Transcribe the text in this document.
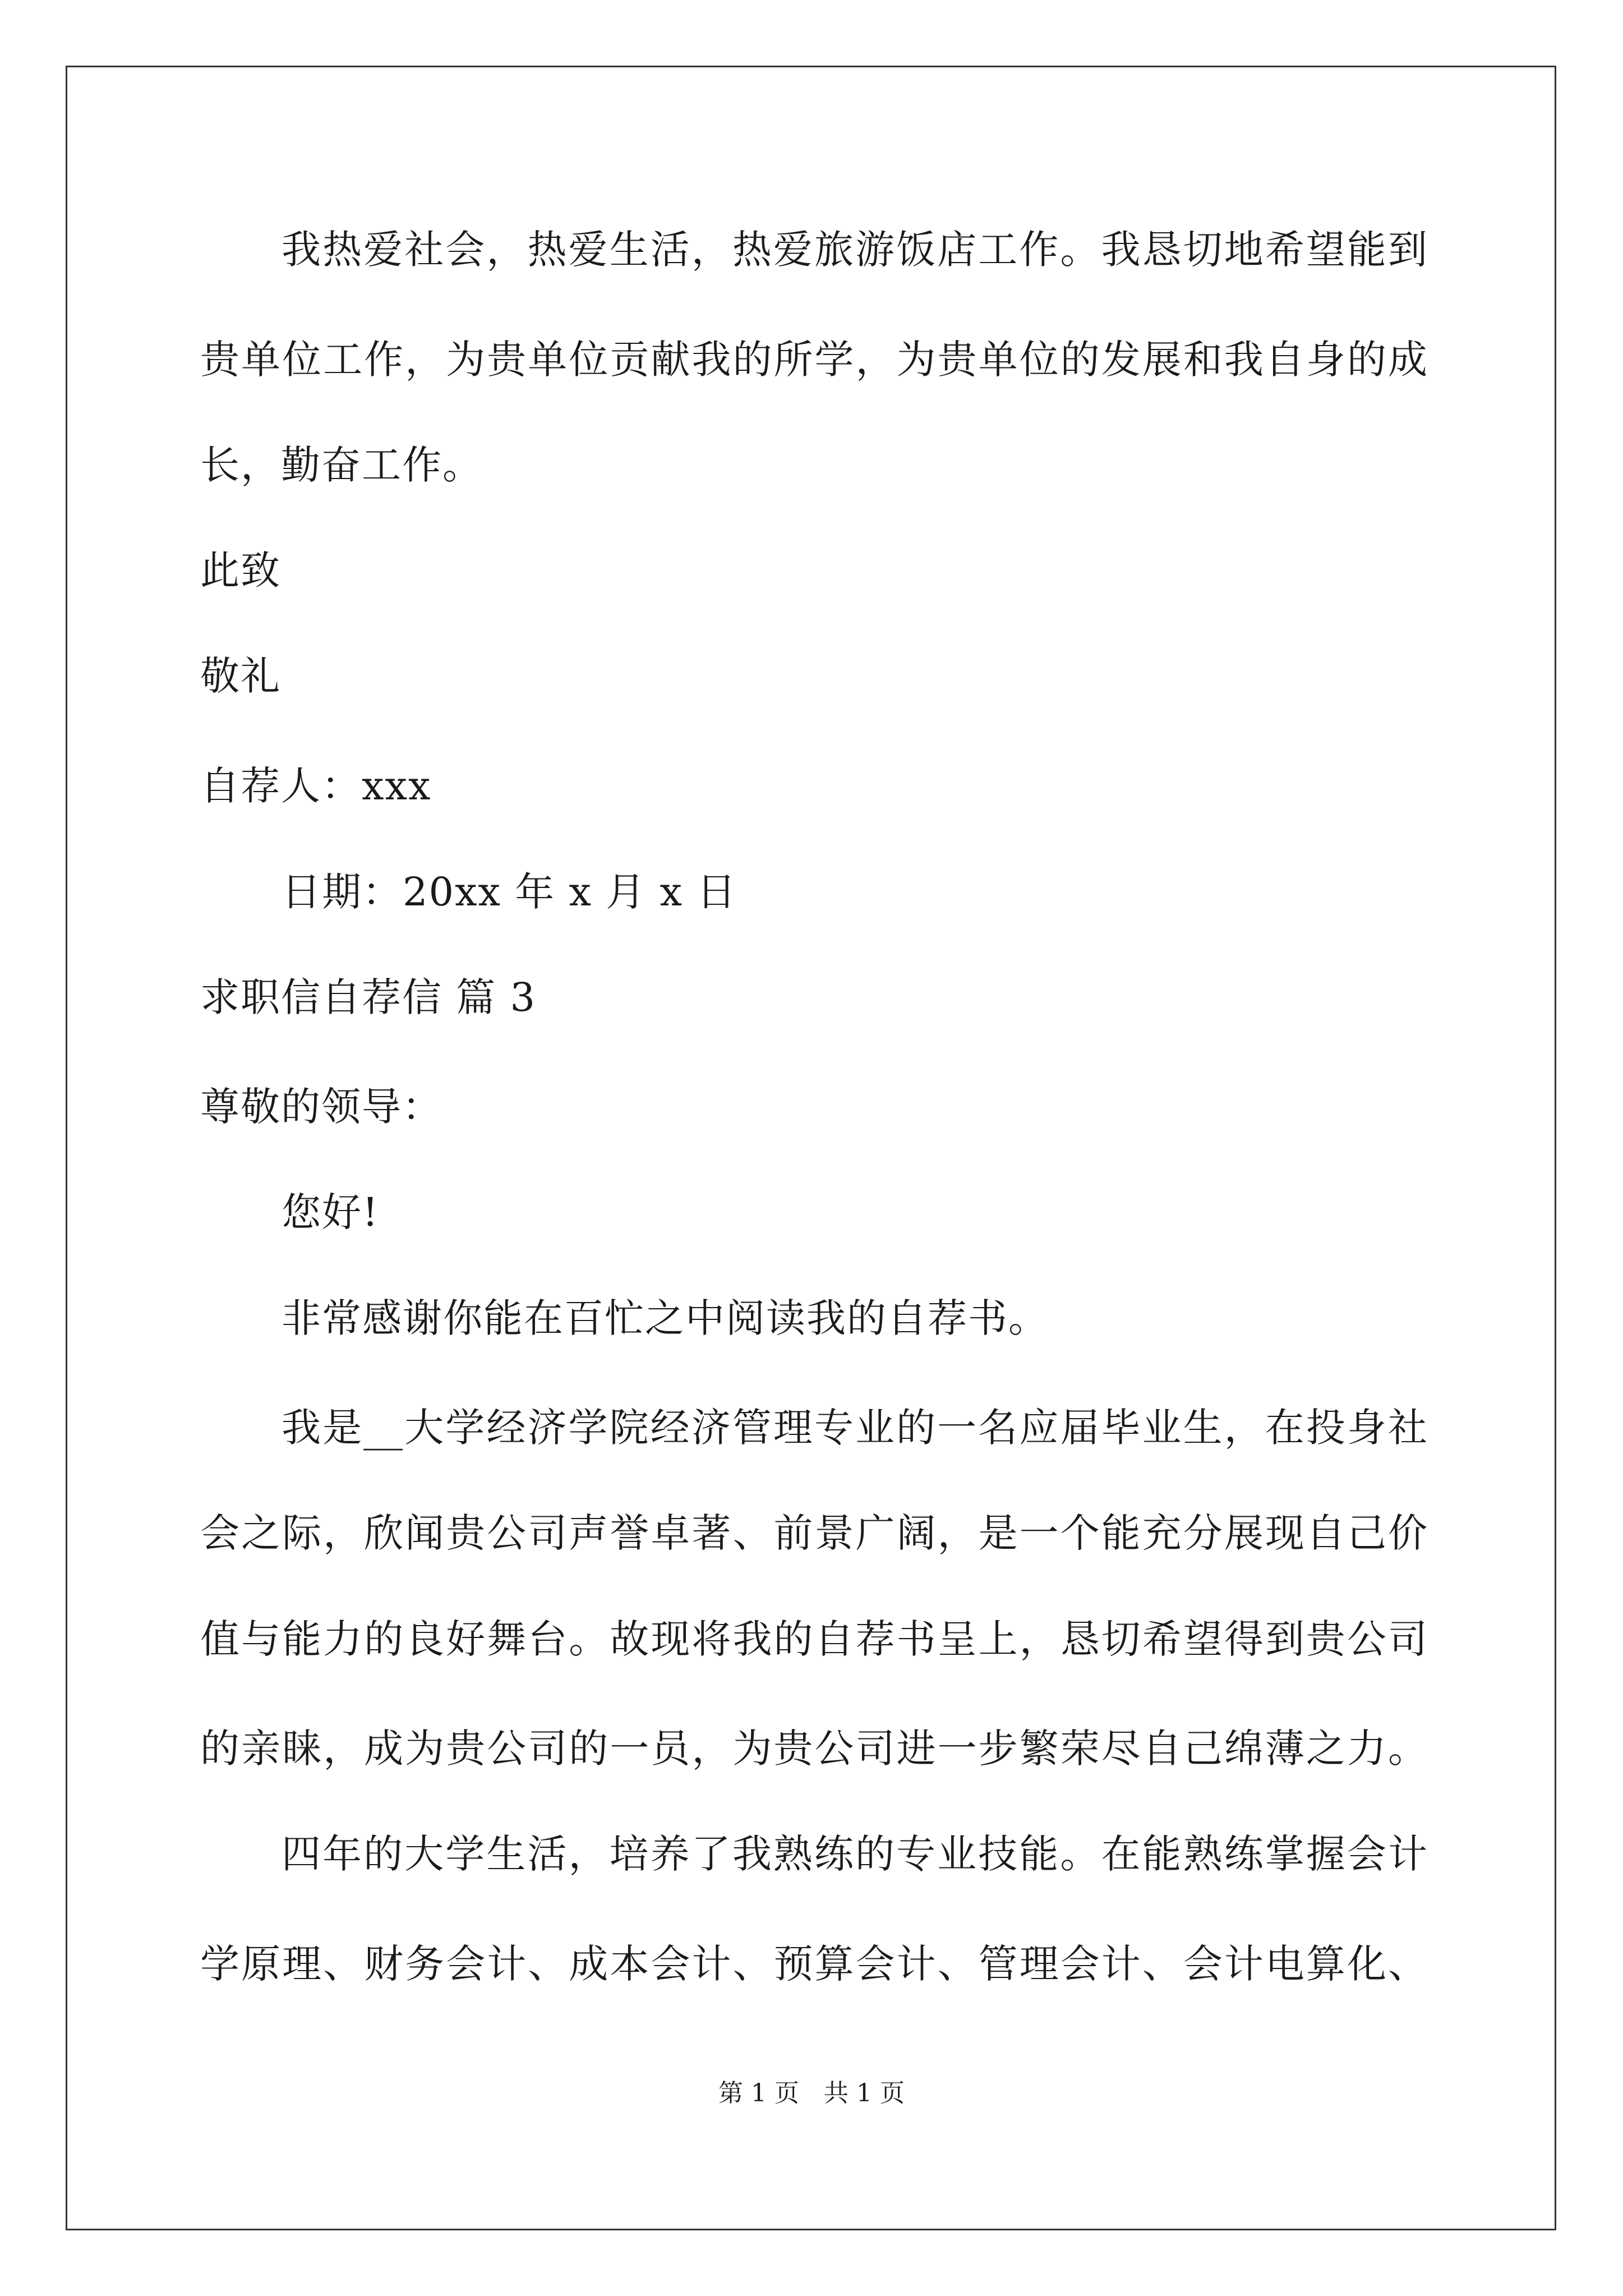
我热爱社会，热爱生活，热爱旅游饭店工作。我恳切地希望能到
贵单位工作，为贵单位贡献我的所学，为贵单位的发展和我自身的成
长，勤奋工作。
此致
敬礼
自荐人：xxx
日期：20xx 年 x 月 x 日
求职信自荐信 篇 3
尊敬的领导：
您好!
非常感谢你能在百忙之中阅读我的自荐书。
我是__大学经济学院经济管理专业的一名应届毕业生，在投身社
会之际，欣闻贵公司声誉卓著、前景广阔，是一个能充分展现自己价
值与能力的良好舞台。故现将我的自荐书呈上，恳切希望得到贵公司
的亲睐，成为贵公司的一员，为贵公司进一步繁荣尽自己绵薄之力。
四年的大学生活，培养了我熟练的专业技能。在能熟练掌握会计
学原理、财务会计、成本会计、预算会计、管理会计、会计电算化、
第 1 页　共 1 页
